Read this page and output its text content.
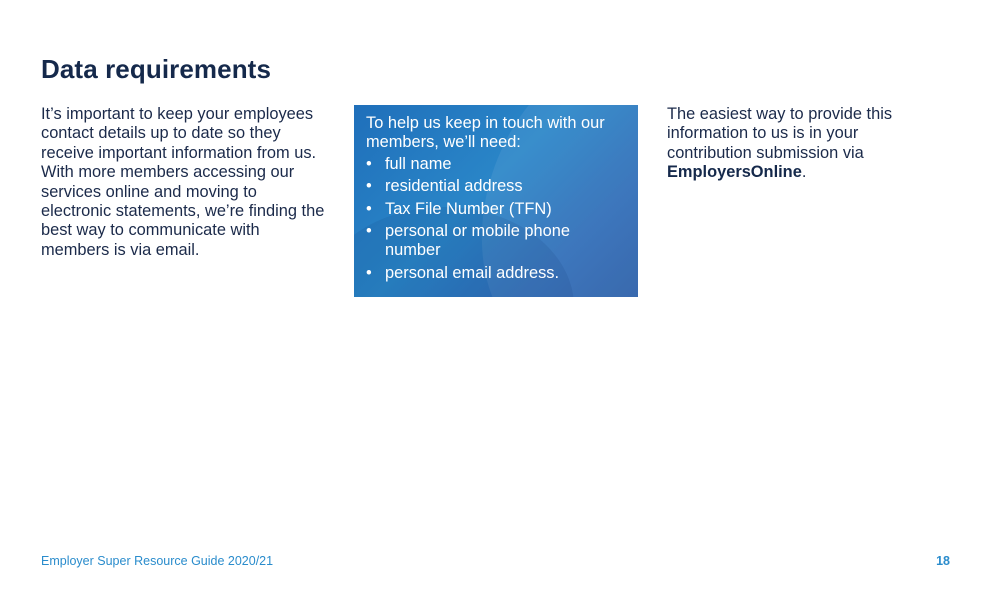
Data requirements

It’s important to keep your employees contact details up to date so they receive important information from us. With more members accessing our services online and moving to electronic statements, we’re finding the best way to communicate with members is via email.

To help us keep in touch with our members, we’ll need:

• full name
• residential address
• Tax File Number (TFN)
• personal or mobile phone number
• personal email address.

The easiest way to provide this information to us is in your contribution submission via EmployersOnline.

Employer Super Resource Guide 2020/21	18
